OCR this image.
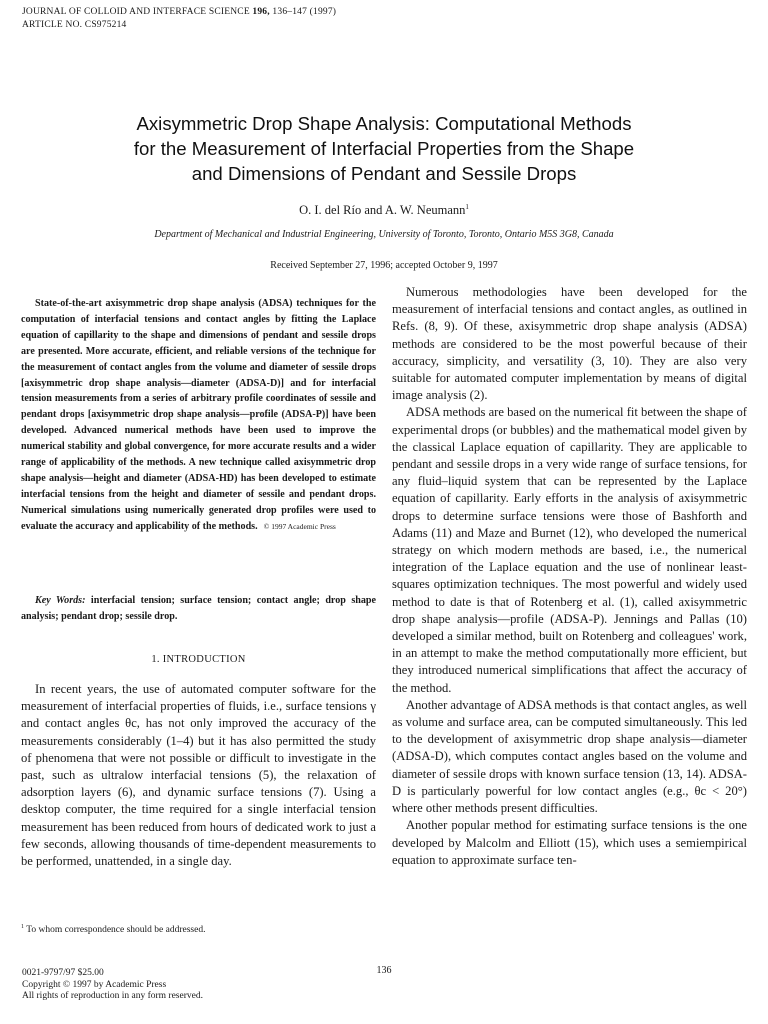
JOURNAL OF COLLOID AND INTERFACE SCIENCE 196, 136–147 (1997)
ARTICLE NO. CS975214
Axisymmetric Drop Shape Analysis: Computational Methods
for the Measurement of Interfacial Properties from the Shape
and Dimensions of Pendant and Sessile Drops
O. I. del Río and A. W. Neumann$^1$
Department of Mechanical and Industrial Engineering, University of Toronto, Toronto, Ontario M5S 3G8, Canada
Received September 27, 1996; accepted October 9, 1997

State-of-the-art axisymmetric drop shape analysis (ADSA) techniques for the computation of interfacial tensions and contact angles by fitting the Laplace equation of capillarity to the shape and dimensions of pendant and sessile drops are presented. More accurate, efficient, and reliable versions of the technique for the measurement of contact angles from the volume and diameter of sessile drops [axisymmetric drop shape analysis—diameter (ADSA-D)] and for interfacial tension measurements from a series of arbitrary profile coordinates of sessile and pendant drops [axisymmetric drop shape analysis—profile (ADSA-P)] have been developed. Advanced numerical methods have been used to improve the numerical stability and global convergence, for more accurate results and a wider range of applicability of the methods. A new technique called axisymmetric drop shape analysis—height and diameter (ADSA-HD) has been developed to estimate interfacial tensions from the height and diameter of sessile and pendant drops. Numerical simulations using numerically generated drop profiles were used to evaluate the accuracy and applicability of the methods. © 1997 Academic Press

Key Words: interfacial tension; surface tension; contact angle; drop shape analysis; pendant drop; sessile drop.

1. INTRODUCTION

In recent years, the use of automated computer software for the measurement of interfacial properties of fluids, i.e., surface tensions γ and contact angles θc, has not only improved the accuracy of the measurements considerably (1–4) but it has also permitted the study of phenomena that were not possible or difficult to investigate in the past, such as ultralow interfacial tensions (5), the relaxation of adsorption layers (6), and dynamic surface tensions (7). Using a desktop computer, the time required for a single interfacial tension measurement has been reduced from hours of dedicated work to just a few seconds, allowing thousands of time-dependent measurements to be performed, unattended, in a single day.

$^1$ To whom correspondence should be addressed.

Numerous methodologies have been developed for the measurement of interfacial tensions and contact angles, as outlined in Refs. (8, 9). Of these, axisymmetric drop shape analysis (ADSA) methods are considered to be the most powerful because of their accuracy, simplicity, and versatility (3, 10). They are also very suitable for automated computer implementation by means of digital image analysis (2).

ADSA methods are based on the numerical fit between the shape of experimental drops (or bubbles) and the mathematical model given by the classical Laplace equation of capillarity. They are applicable to pendant and sessile drops in a very wide range of surface tensions, for any fluid–liquid system that can be represented by the Laplace equation of capillarity. Early efforts in the analysis of axisymmetric drops to determine surface tensions were those of Bashforth and Adams (11) and Maze and Burnet (12), who developed the numerical strategy on which modern methods are based, i.e., the numerical integration of the Laplace equation and the use of nonlinear least-squares optimization techniques. The most powerful and widely used method to date is that of Rotenberg et al. (1), called axisymmetric drop shape analysis—profile (ADSA-P). Jennings and Pallas (10) developed a similar method, built on Rotenberg and colleagues' work, in an attempt to make the method computationally more efficient, but they introduced numerical simplifications that affect the accuracy of the method.

Another advantage of ADSA methods is that contact angles, as well as volume and surface area, can be computed simultaneously. This led to the development of axisymmetric drop shape analysis—diameter (ADSA-D), which computes contact angles based on the volume and diameter of sessile drops with known surface tension (13, 14). ADSA-D is particularly powerful for low contact angles (e.g., θc < 20°) where other methods present difficulties.

Another popular method for estimating surface tensions is the one developed by Malcolm and Elliott (15), which uses a semiempirical equation to approximate surface ten-

0021-9797/97 $25.00
Copyright © 1997 by Academic Press
All rights of reproduction in any form reserved.
136
